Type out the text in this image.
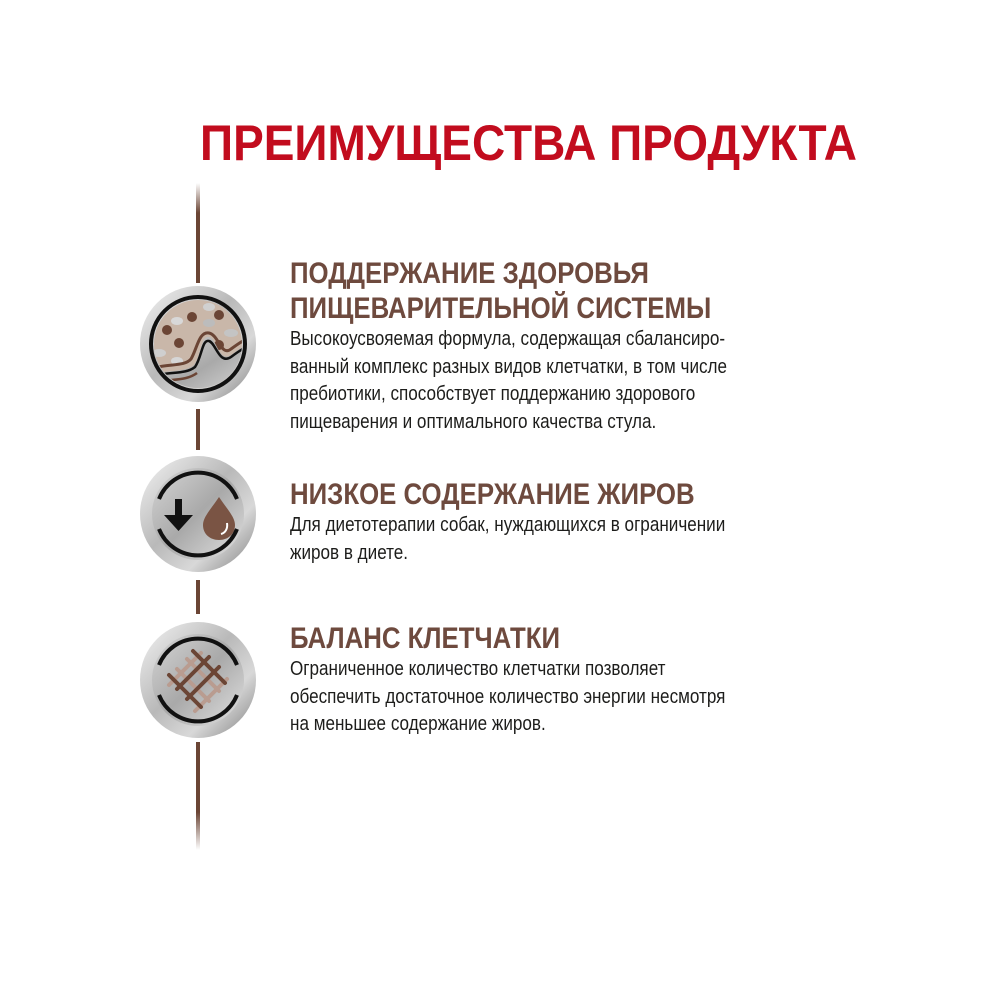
ПРЕИМУЩЕСТВА ПРОДУКТА
ПОДДЕРЖАНИЕ ЗДОРОВЬЯ
ПИЩЕВАРИТЕЛЬНОЙ СИСТЕМЫ
Высокоусвояемая формула, содержащая сбалансиро-
ванный комплекс разных видов клетчатки, в том числе
пребиотики, способствует поддержанию здорового
пищеварения и оптимального качества стула.
НИЗКОЕ СОДЕРЖАНИЕ ЖИРОВ
Для диетотерапии собак, нуждающихся в ограничении
жиров в диете.
БАЛАНС КЛЕТЧАТКИ
Ограниченное количество клетчатки позволяет
обеспечить достаточное количество энергии несмотря
на меньшее содержание жиров.
